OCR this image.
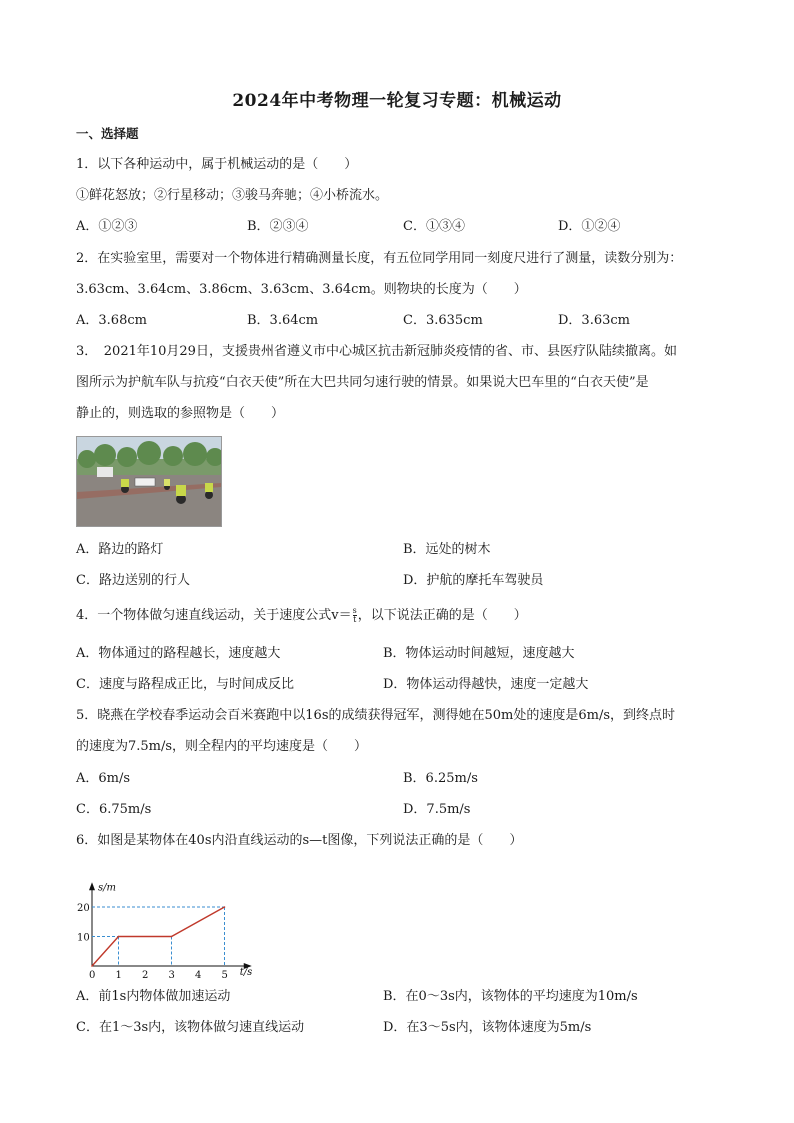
2024年中考物理一轮复习专题：机械运动
一、选择题
1．以下各种运动中，属于机械运动的是（　　）
①鲜花怒放；②行星移动；③骏马奔驰；④小桥流水。
A．①②③	B．②③④	C．①③④	D．①②④
2．在实验室里，需要对一个物体进行精确测量长度，有五位同学用同一刻度尺进行了测量，读数分别为：
3.63cm、3.64cm、3.86cm、3.63cm、3.64cm。则物块的长度为（　　）
A．3.68cm	B．3.64cm	C．3.635cm	D．3.63cm
3．　2021年10月29日，支援贵州省遵义市中心城区抗击新冠肺炎疫情的省、市、县医疗队陆续撤离。如
图所示为护航车队与抗疫“白衣天使”所在大巴共同匀速行驶的情景。如果说大巴车里的“白衣天使”是
静止的，则选取的参照物是（　　）
A．路边的路灯	B．远处的树木
C．路边送别的行人	D．护航的摩托车驾驶员
4．一个物体做匀速直线运动，关于速度公式$v= \frac{s}{t}$ ，以下说法正确的是（　　）
A．物体通过的路程越长，速度越大	B．物体运动时间越短，速度越大
C．速度与路程成正比，与时间成反比	D．物体运动得越快，速度一定越大
5．晓燕在学校春季运动会百米赛跑中以16s的成绩获得冠军，测得她在50m处的速度是6m/s，到终点时
的速度为7.5m/s，则全程内的平均速度是（　　）
A．6m/s	B．6.25m/s
C．6.75m/s	D．7.5m/s
6．如图是某物体在40s内沿直线运动的s—t图像，下列说法正确的是（　　）
s/m
t/s
0 1 2 3 4 5
10
20
A．前1s内物体做加速运动	B．在0～3s内，该物体的平均速度为10m/s
C．在1～3s内，该物体做匀速直线运动	D．在3～5s内，该物体速度为5m/s
